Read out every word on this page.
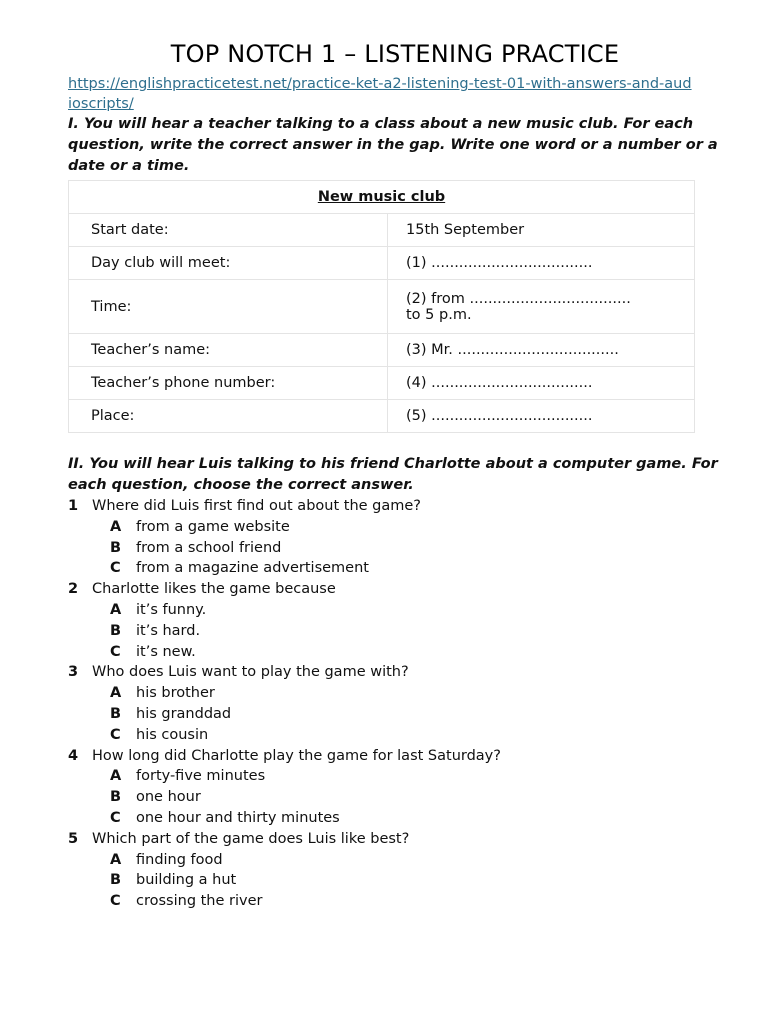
TOP NOTCH 1 – LISTENING PRACTICE
https://englishpracticetest.net/practice-ket-a2-listening-test-01-with-answers-and-audioscripts/
I. You will hear a teacher talking to a class about a new music club. For each question, write the correct answer in the gap. Write one word or a number or a date or a time.
New music club	
Start date:	15th September
Day club will meet:	(1) ...................................
Time:	(2) from ...................................
to 5 p.m.

Teacher’s name:	(3) Mr. ...................................
Teacher’s phone number:	(4) ...................................
Place:	(5) ...................................
II. You will hear Luis talking to his friend Charlotte about a computer game. For each question, choose the correct answer.
1 Where did Luis first find out about the game?
A from a game website
B from a school friend
C from a magazine advertisement
2 Charlotte likes the game because
A it’s funny.
B it’s hard.
C it’s new.
3 Who does Luis want to play the game with?
A his brother
B his granddad
C his cousin
4 How long did Charlotte play the game for last Saturday?
A forty-five minutes
B one hour
C one hour and thirty minutes
5 Which part of the game does Luis like best?
A finding food
B building a hut
C crossing the river
